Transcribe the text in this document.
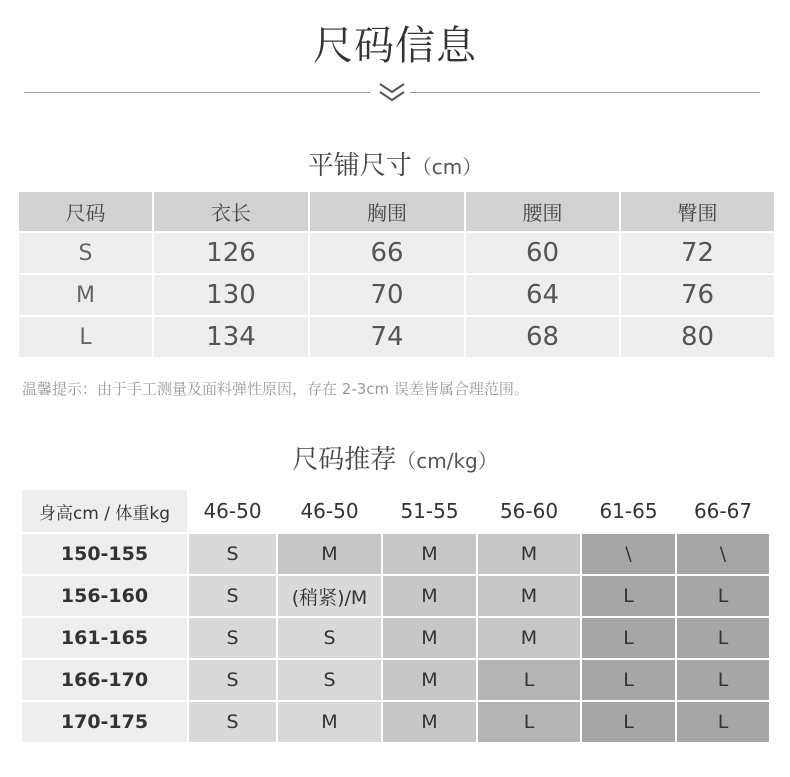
尺码信息
平铺尺寸（cm）
尺码	衣长	胸围	腰围	臀围
S	126	66	60	72
M	130	70	64	76
L	134	74	68	80
温馨提示：由于手工测量及面料弹性原因，存在 2-3cm 误差皆属合理范围。
尺码推荐（cm/kg）
身高cm / 体重kg	46-50	46-50	51-55	56-60	61-65	66-67
150-155	S	M	M	M	\	\
156-160	S	(稍紧)/M	M	M	L	L
161-165	S	S	M	M	L	L
166-170	S	S	M	L	L	L
170-175	S	M	M	L	L	L
